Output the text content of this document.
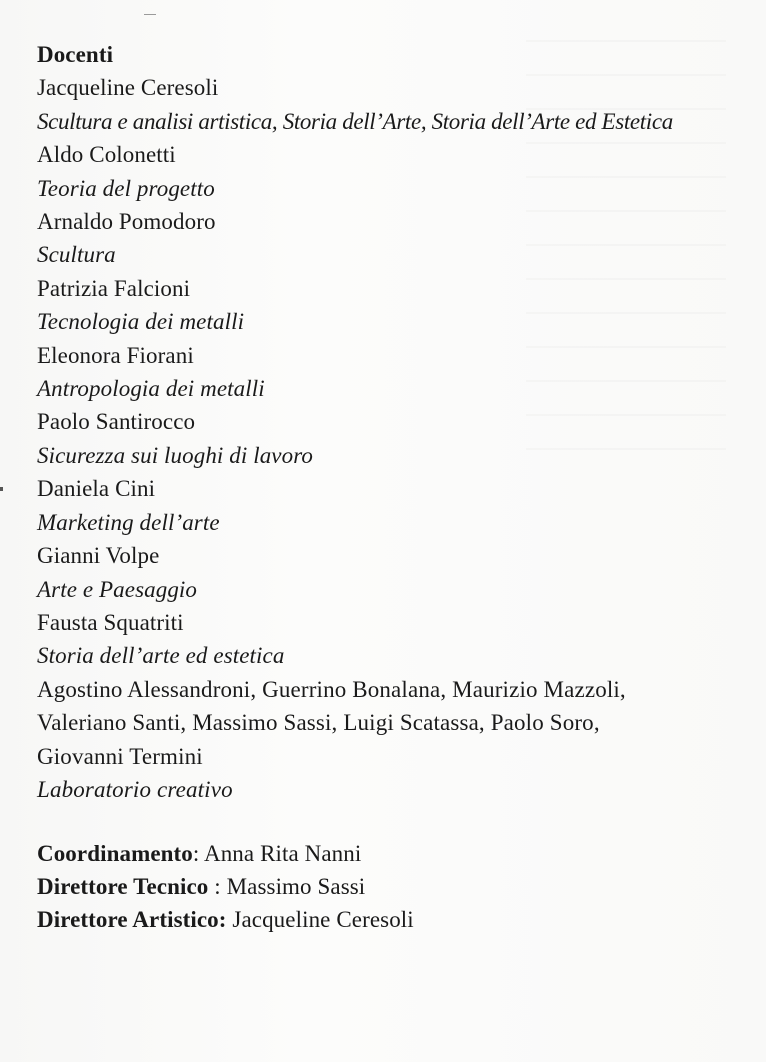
Docenti
Jacqueline Ceresoli
Scultura e analisi artistica, Storia dell’Arte, Storia dell’Arte ed Estetica
Aldo Colonetti
Teoria del progetto
Arnaldo Pomodoro
Scultura
Patrizia Falcioni
Tecnologia dei metalli
Eleonora Fiorani
Antropologia dei metalli
Paolo Santirocco
Sicurezza sui luoghi di lavoro
Daniela Cini
Marketing dell’arte
Gianni Volpe
Arte e Paesaggio
Fausta Squatriti
Storia dell’arte ed estetica
Agostino Alessandroni, Guerrino Bonalana, Maurizio Mazzoli,
Valeriano Santi, Massimo Sassi, Luigi Scatassa, Paolo Soro,
Giovanni Termini
Laboratorio creativo
Coordinamento: Anna Rita Nanni
Direttore Tecnico : Massimo Sassi
Direttore Artistico: Jacqueline Ceresoli
